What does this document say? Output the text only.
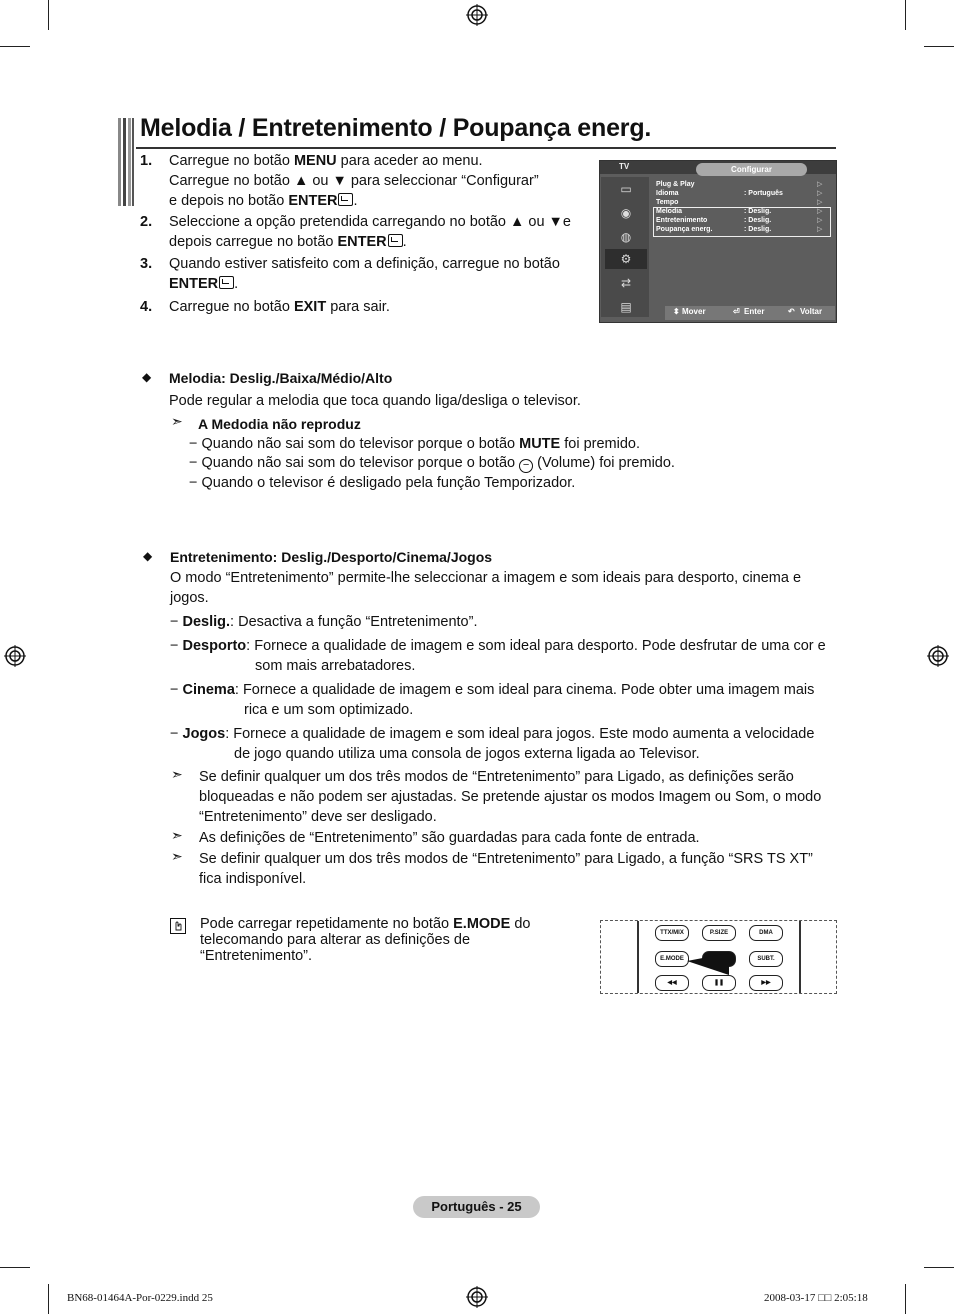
Melodia / Entretenimento / Poupança energ.
1. Carregue no botão MENU para aceder ao menu.
Carregue no botão ▲ ou ▼ para seleccionar “Configurar”
e depois no botão ENTER .
2. Seleccione a opção pretendida carregando no botão ▲ ou ▼e
depois carregue no botão ENTER .
3. Quando estiver satisfeito com a definição, carregue no botão
ENTER .
4. Carregue no botão EXIT para sair.
TV	Configurar
▭
◉
◍
⚙
⇄
▤
Plug & Play	▷
Idioma	: Português	▷
Tempo	▷
Melodia	: Deslig.	▷
Entretenimento	: Deslig.	▷
Poupança energ.	: Deslig.	▷
⬍ Mover	⏎ Enter	↶ Voltar
◆ Melodia: Deslig./Baixa/Médio/Alto
Pode regular a melodia que toca quando liga/desliga o televisor.
➣ A Medodia não reproduz
− Quando não sai som do televisor porque o botão MUTE foi premido.
− Quando não sai som do televisor porque o botão − (Volume) foi premido.
− Quando o televisor é desligado pela função Temporizador.
◆ Entretenimento: Deslig./Desporto/Cinema/Jogos
O modo “Entretenimento” permite-lhe seleccionar a imagem e som ideais para desporto, cinema e
jogos.
− Deslig.: Desactiva a função “Entretenimento”.
− Desporto: Fornece a qualidade de imagem e som ideal para desporto. Pode desfrutar de uma cor e
som mais arrebatadores.
− Cinema: Fornece a qualidade de imagem e som ideal para cinema. Pode obter uma imagem mais
rica e um som optimizado.
− Jogos: Fornece a qualidade de imagem e som ideal para jogos. Este modo aumenta a velocidade
de jogo quando utiliza uma consola de jogos externa ligada ao Televisor.
➣ Se definir qualquer um dos três modos de “Entretenimento” para Ligado, as definições serão
bloqueadas e não podem ser ajustadas. Se pretende ajustar os modos Imagem ou Som, o modo
“Entretenimento” deve ser desligado.
➣ As definições de “Entretenimento” são guardadas para cada fonte de entrada.
➣ Se definir qualquer um dos três modos de “Entretenimento” para Ligado, a função “SRS TS XT”
fica indisponível.
Pode carregar repetidamente no botão E.MODE do
telecomando para alterar as definições de
“Entretenimento”.
TTX/MIX	P.SIZE	DMA
E.MODE	SUBT.
◀◀	❚❚	▶▶
Português - 25
BN68-01464A-Por-0229.indd 25	2008-03-17 □□ 2:05:18
